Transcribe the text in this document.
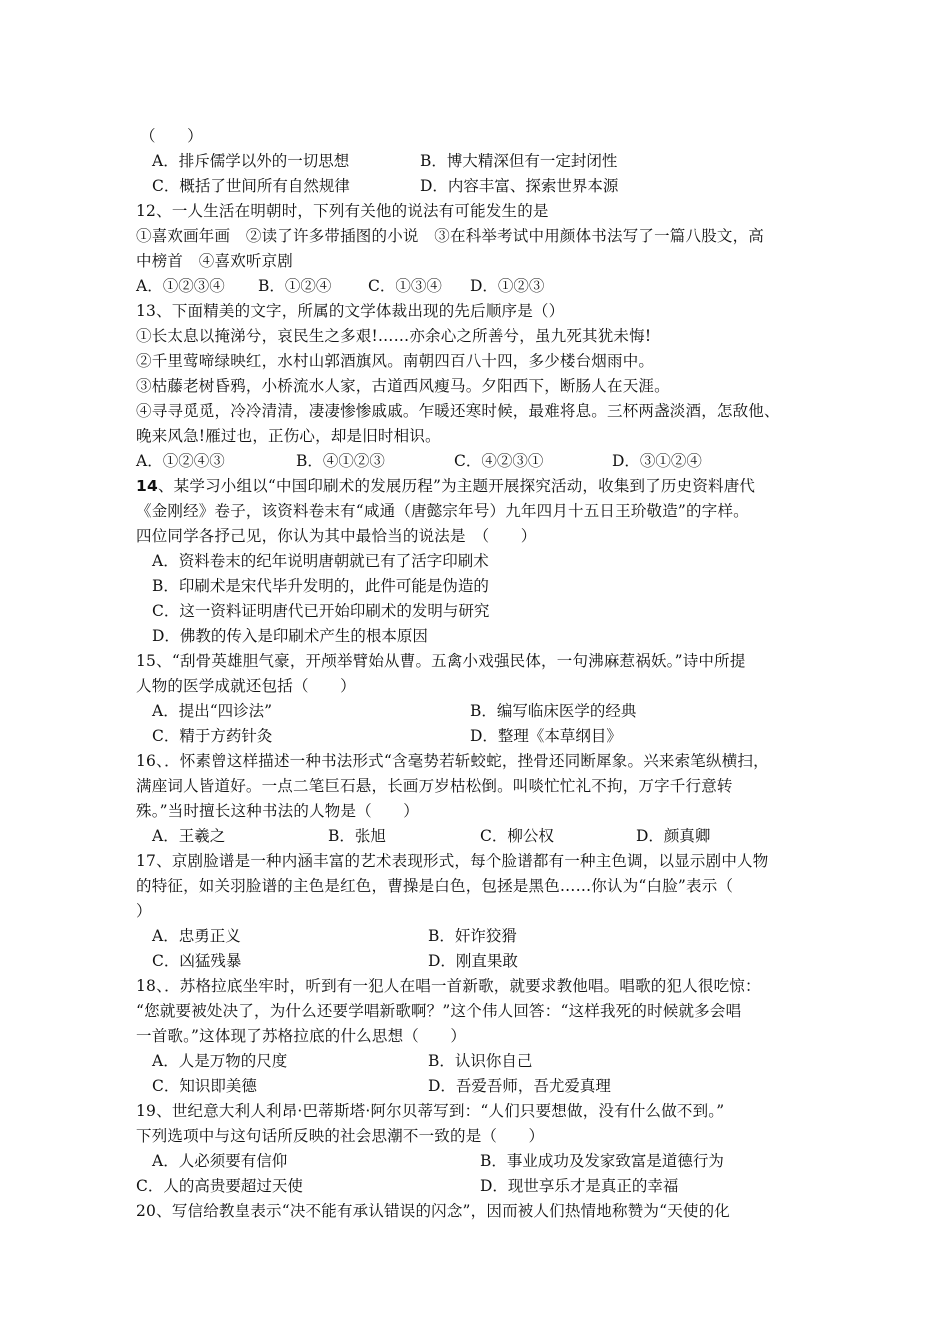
（　　）
A．排斥儒学以外的一切思想	B．博大精深但有一定封闭性
C．概括了世间所有自然规律	D．内容丰富、探索世界本源
12、一人生活在明朝时，下列有关他的说法有可能发生的是
①喜欢画年画　②读了许多带插图的小说　③在科举考试中用颜体书法写了一篇八股文，高
中榜首　④喜欢听京剧
A．①②③④ B．①②④ C．①③④ D．①②③
13、下面精美的文字，所属的文学体裁出现的先后顺序是（）
①长太息以掩涕兮，哀民生之多艰!……亦余心之所善兮，虽九死其犹未悔!
②千里莺啼绿映红，水村山郭酒旗风。南朝四百八十四，多少楼台烟雨中。
③枯藤老树昏鸦，小桥流水人家，古道西风瘦马。夕阳西下，断肠人在天涯。
④寻寻觅觅，冷冷清清，凄凄惨惨戚戚。乍暖还寒时候，最难将息。三杯两盏淡酒，怎敌他、
晚来风急!雁过也，正伤心，却是旧时相识。
A．①②④③	B．④①②③	C．④②③①	D．③①②④
14、某学习小组以“中国印刷术的发展历程”为主题开展探究活动，收集到了历史资料唐代
《金刚经》卷子，该资料卷末有“咸通（唐懿宗年号）九年四月十五日王玠敬造”的字样。
四位同学各抒己见，你认为其中最恰当的说法是　（　　）
A．资料卷末的纪年说明唐朝就已有了活字印刷术
B．印刷术是宋代毕升发明的，此件可能是伪造的
C．这一资料证明唐代已开始印刷术的发明与研究
D．佛教的传入是印刷术产生的根本原因
15、“刮骨英雄胆气豪，开颅举臂始从曹。五禽小戏强民体，一句沸麻惹祸妖。”诗中所提
人物的医学成就还包括（　　）
A．提出“四诊法”	B．编写临床医学的经典
C．精于方药针灸	D．整理《本草纲目》
16、．怀素曾这样描述一种书法形式“含毫势若斩蛟蛇，挫骨还同断犀象。兴来索笔纵横扫，
满座词人皆道好。一点二笔巨石悬，长画万岁枯松倒。叫啖忙忙礼不拘，万字千行意转
殊。”当时擅长这种书法的人物是（　　）
A．王羲之	B．张旭	C．柳公权	D．颜真卿
17、京剧脸谱是一种内涵丰富的艺术表现形式，每个脸谱都有一种主色调，以显示剧中人物
的特征，如关羽脸谱的主色是红色，曹操是白色，包拯是黑色……你认为“白脸”表示（
）
A．忠勇正义	B．奸诈狡猾
C．凶猛残暴	D．刚直果敢
18、．苏格拉底坐牢时，听到有一犯人在唱一首新歌，就要求教他唱。唱歌的犯人很吃惊：
“您就要被处决了，为什么还要学唱新歌啊？”这个伟人回答：“这样我死的时候就多会唱
一首歌。”这体现了苏格拉底的什么思想（　　）
A．人是万物的尺度	B．认识你自己
C．知识即美德	D．吾爱吾师，吾尤爱真理
19、世纪意大利人利昂·巴蒂斯塔·阿尔贝蒂写到：“人们只要想做，没有什么做不到。”
下列选项中与这句话所反映的社会思潮不一致的是（　　）
A．人必须要有信仰	B．事业成功及发家致富是道德行为
C．人的高贵要超过天使	D．现世享乐才是真正的幸福
20、写信给教皇表示“决不能有承认错误的闪念”，因而被人们热情地称赞为“天使的化
